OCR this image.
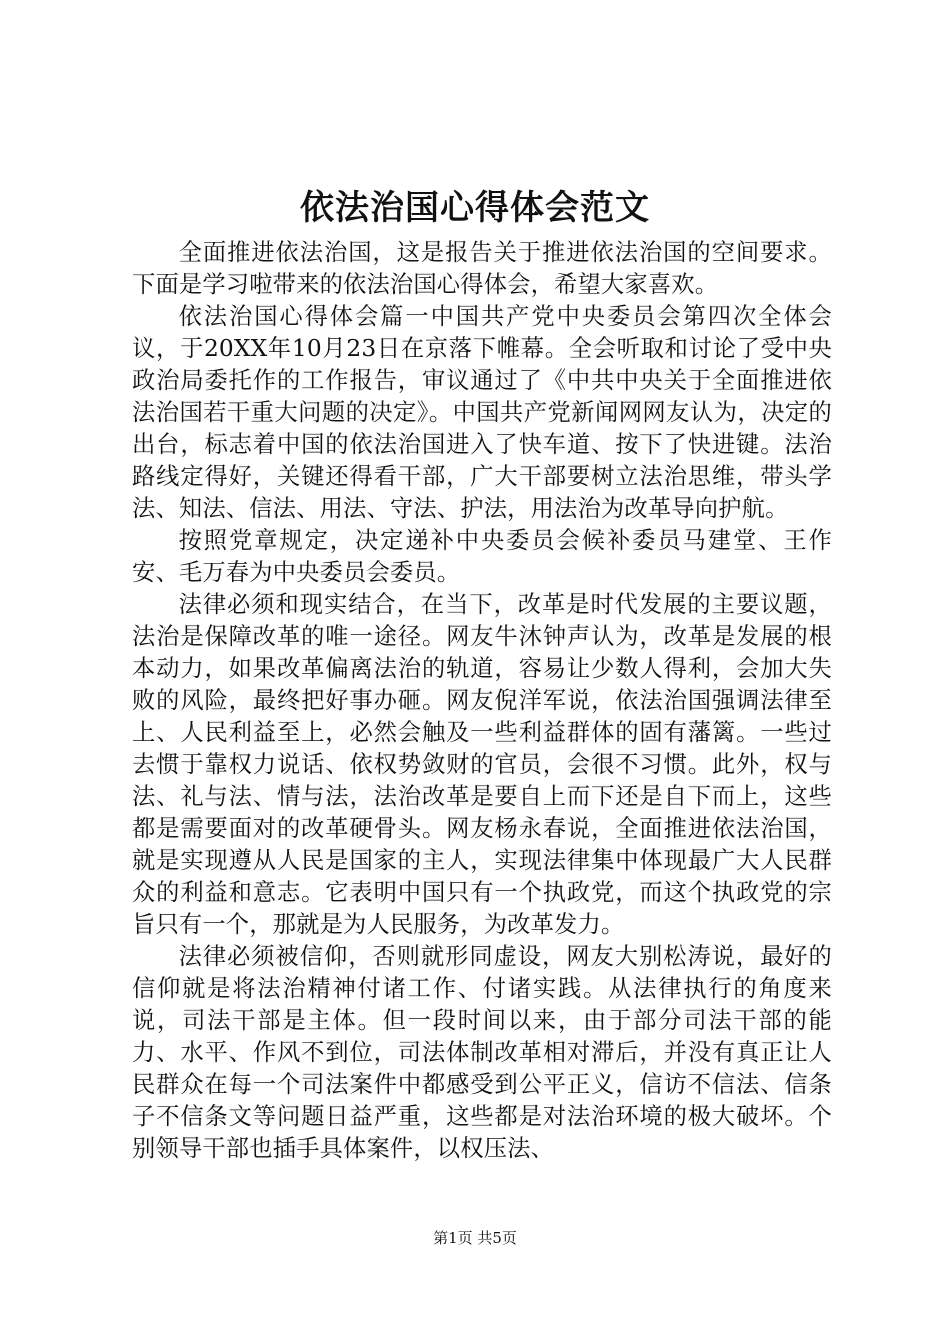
依法治国心得体会范文

全面推进依法治国，这是报告关于推进依法治国的空间要求。下面是学习啦带来的依法治国心得体会，希望大家喜欢。

依法治国心得体会篇一中国共产党中央委员会第四次全体会议，于20XX年10月23日在京落下帷幕。全会听取和讨论了受中央政治局委托作的工作报告，审议通过了《中共中央关于全面推进依法治国若干重大问题的决定》。中国共产党新闻网网友认为，决定的出台，标志着中国的依法治国进入了快车道、按下了快进键。法治路线定得好，关键还得看干部，广大干部要树立法治思维，带头学法、知法、信法、用法、守法、护法，用法治为改革导向护航。

按照党章规定，决定递补中央委员会候补委员马建堂、王作安、毛万春为中央委员会委员。

法律必须和现实结合，在当下，改革是时代发展的主要议题，法治是保障改革的唯一途径。网友牛沐钟声认为，改革是发展的根本动力，如果改革偏离法治的轨道，容易让少数人得利，会加大失败的风险，最终把好事办砸。网友倪洋军说，依法治国强调法律至上、人民利益至上，必然会触及一些利益群体的固有藩篱。一些过去惯于靠权力说话、依权势敛财的官员，会很不习惯。此外，权与法、礼与法、情与法，法治改革是要自上而下还是自下而上，这些都是需要面对的改革硬骨头。网友杨永春说，全面推进依法治国，就是实现遵从人民是国家的主人，实现法律集中体现最广大人民群众的利益和意志。它表明中国只有一个执政党，而这个执政党的宗旨只有一个，那就是为人民服务，为改革发力。

法律必须被信仰，否则就形同虚设，网友大别松涛说，最好的信仰就是将法治精神付诸工作、付诸实践。从法律执行的角度来说，司法干部是主体。但一段时间以来，由于部分司法干部的能力、水平、作风不到位，司法体制改革相对滞后，并没有真正让人民群众在每一个司法案件中都感受到公平正义，信访不信法、信条子不信条文等问题日益严重，这些都是对法治环境的极大破坏。个别领导干部也插手具体案件，以权压法、

第1页 共5页
